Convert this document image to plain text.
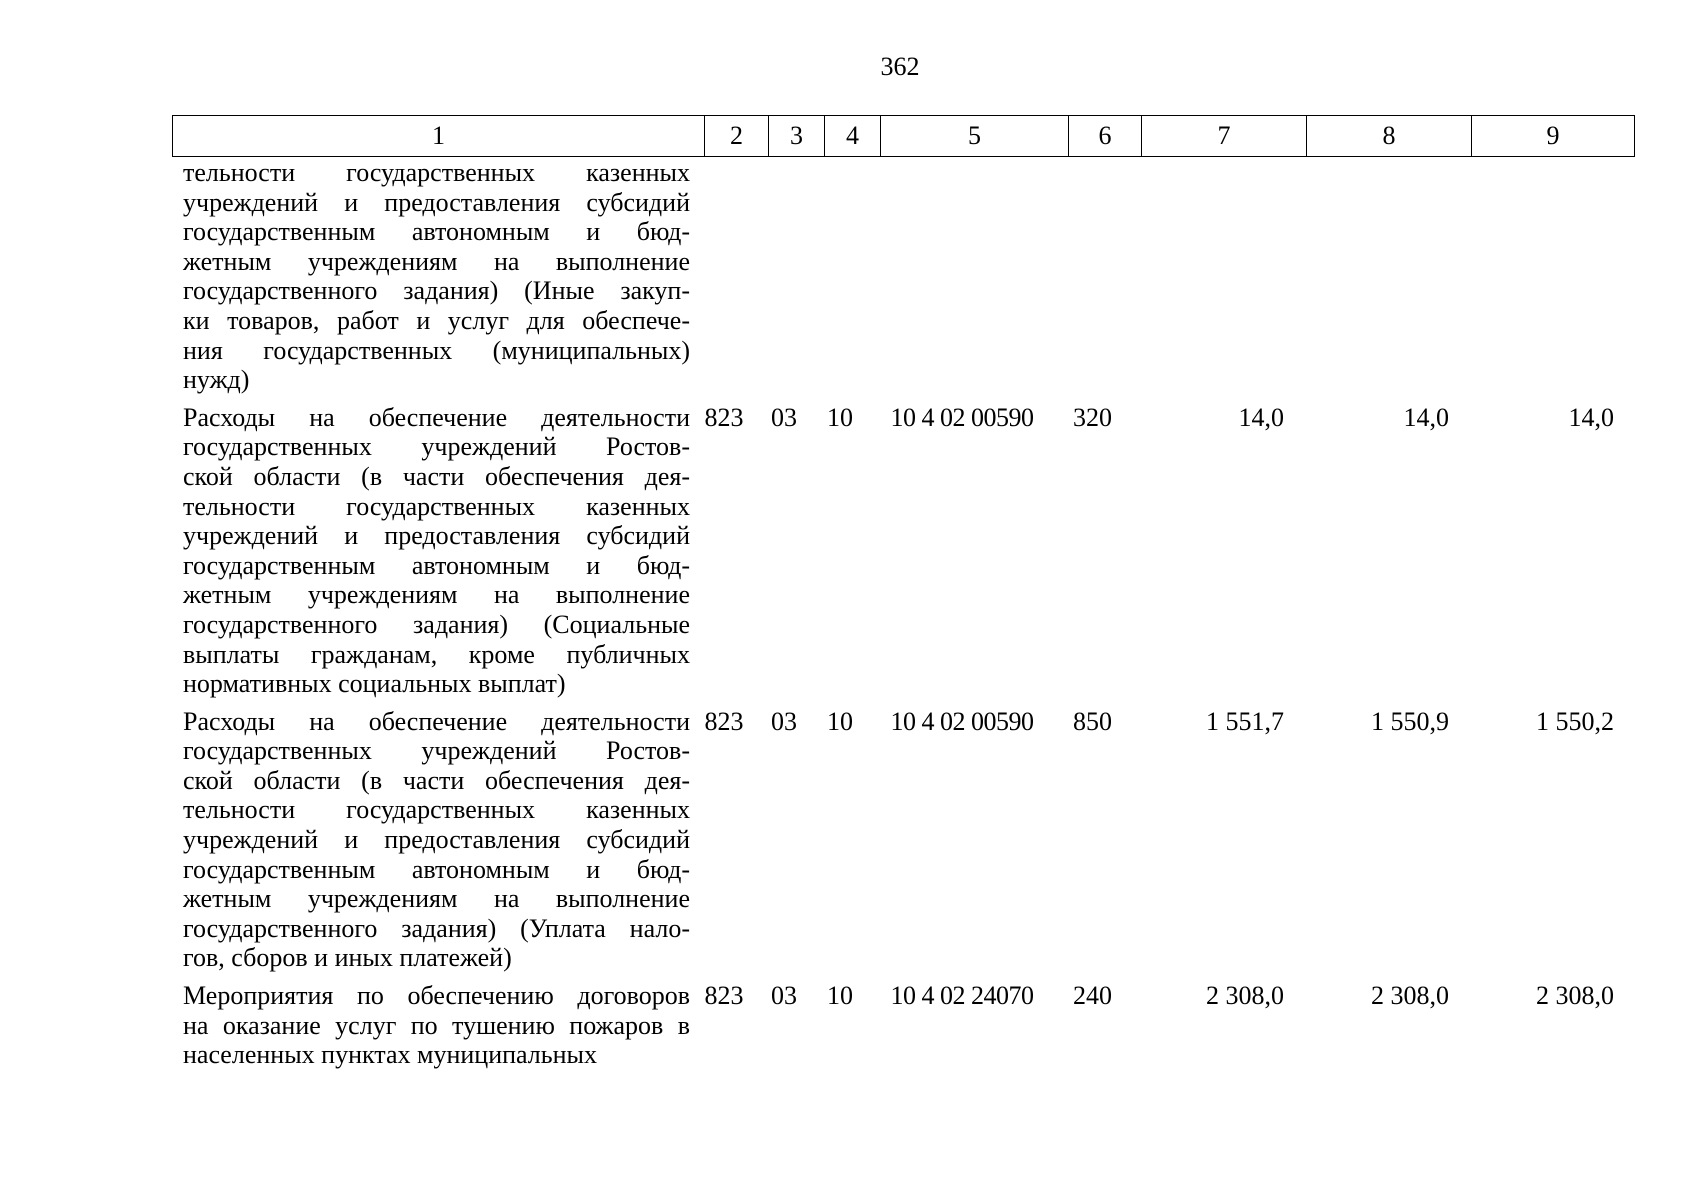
362
1	2	3	4	5	6	7	8	9
тельности государственных казенных
учреждений и предоставления субсидий
государственным автономным и бюд-
жетным учреждениям на выполнение
государственного задания) (Иные закуп-
ки товаров, работ и услуг для обеспече-
ния государственных (муниципальных)
нужд)
Расходы на обеспечение деятельности
государственных учреждений Ростов-
ской области (в части обеспечения дея-
тельности государственных казенных
учреждений и предоставления субсидий
государственным автономным и бюд-
жетным учреждениям на выполнение
государственного задания) (Социальные
выплаты гражданам, кроме публичных
нормативных социальных выплат)
823	03	10	10 4 02 00590	320	14,0	14,0	14,0
Расходы на обеспечение деятельности
государственных учреждений Ростов-
ской области (в части обеспечения дея-
тельности государственных казенных
учреждений и предоставления субсидий
государственным автономным и бюд-
жетным учреждениям на выполнение
государственного задания) (Уплата нало-
гов, сборов и иных платежей)
823	03	10	10 4 02 00590	850	1 551,7	1 550,9	1 550,2
Мероприятия по обеспечению договоров
на оказание услуг по тушению пожаров в
населенных пунктах муниципальных
823	03	10	10 4 02 24070	240	2 308,0	2 308,0	2 308,0
